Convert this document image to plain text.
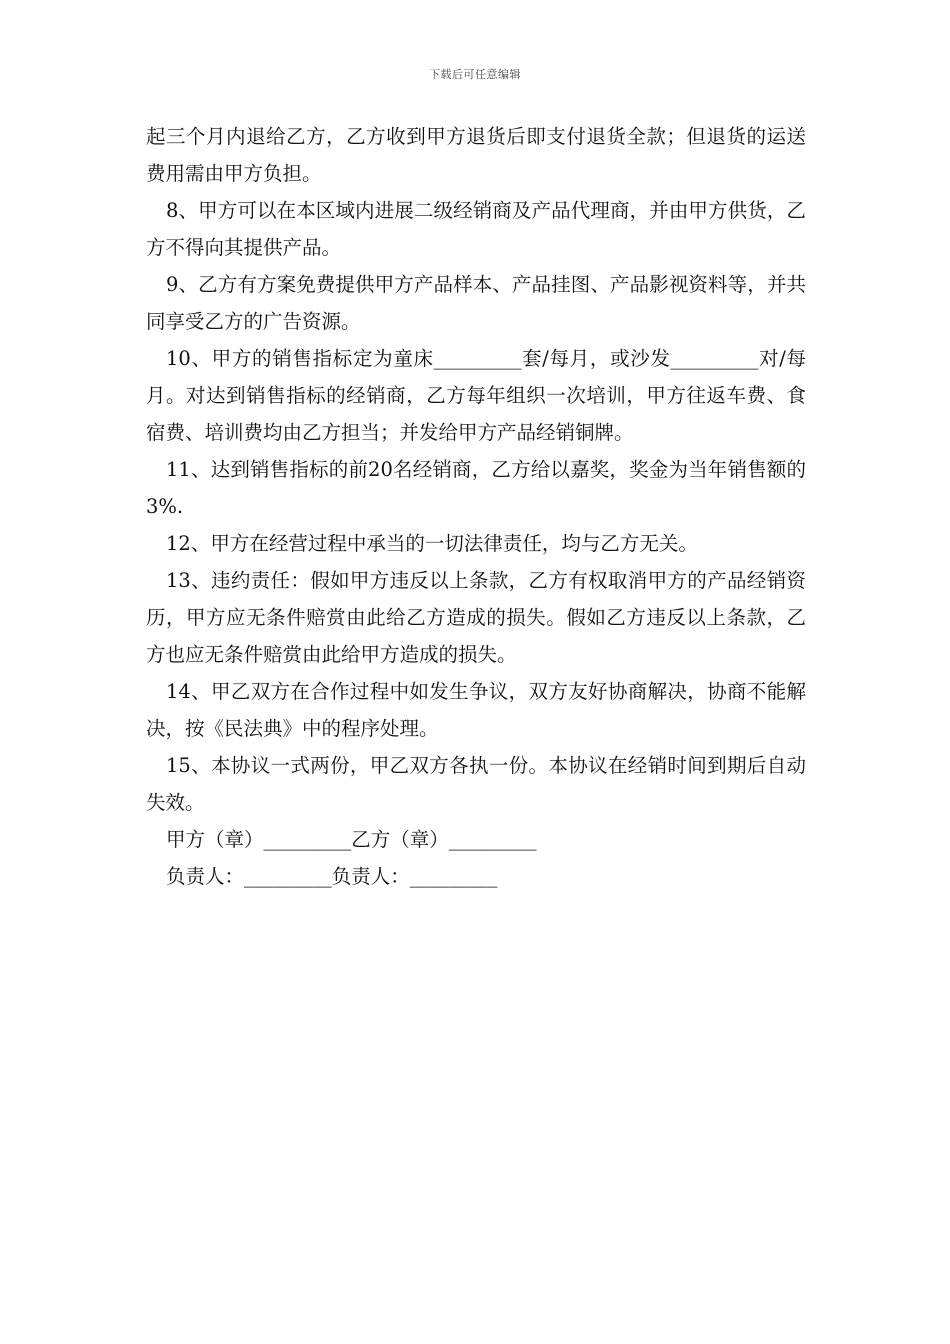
下载后可任意编辑

起三个月内退给乙方，乙方收到甲方退货后即支付退货全款；但退货的运送费用需由甲方负担。

8、甲方可以在本区域内进展二级经销商及产品代理商，并由甲方供货，乙方不得向其提供产品。

9、乙方有方案免费提供甲方产品样本、产品挂图、产品影视资料等，并共同享受乙方的广告资源。

10、甲方的销售指标定为童床_________套/每月，或沙发_________对/每月。对达到销售指标的经销商，乙方每年组织一次培训，甲方往返车费、食宿费、培训费均由乙方担当；并发给甲方产品经销铜牌。

11、达到销售指标的前20名经销商，乙方给以嘉奖，奖金为当年销售额的3%.

12、甲方在经营过程中承当的一切法律责任，均与乙方无关。

13、违约责任：假如甲方违反以上条款，乙方有权取消甲方的产品经销资历，甲方应无条件赔赏由此给乙方造成的损失。假如乙方违反以上条款，乙方也应无条件赔赏由此给甲方造成的损失。

14、甲乙双方在合作过程中如发生争议，双方友好协商解决，协商不能解决，按《民法典》中的程序处理。

15、本协议一式两份，甲乙双方各执一份。本协议在经销时间到期后自动失效。

甲方（章）_________乙方（章）_________

负责人：_________负责人：_________
